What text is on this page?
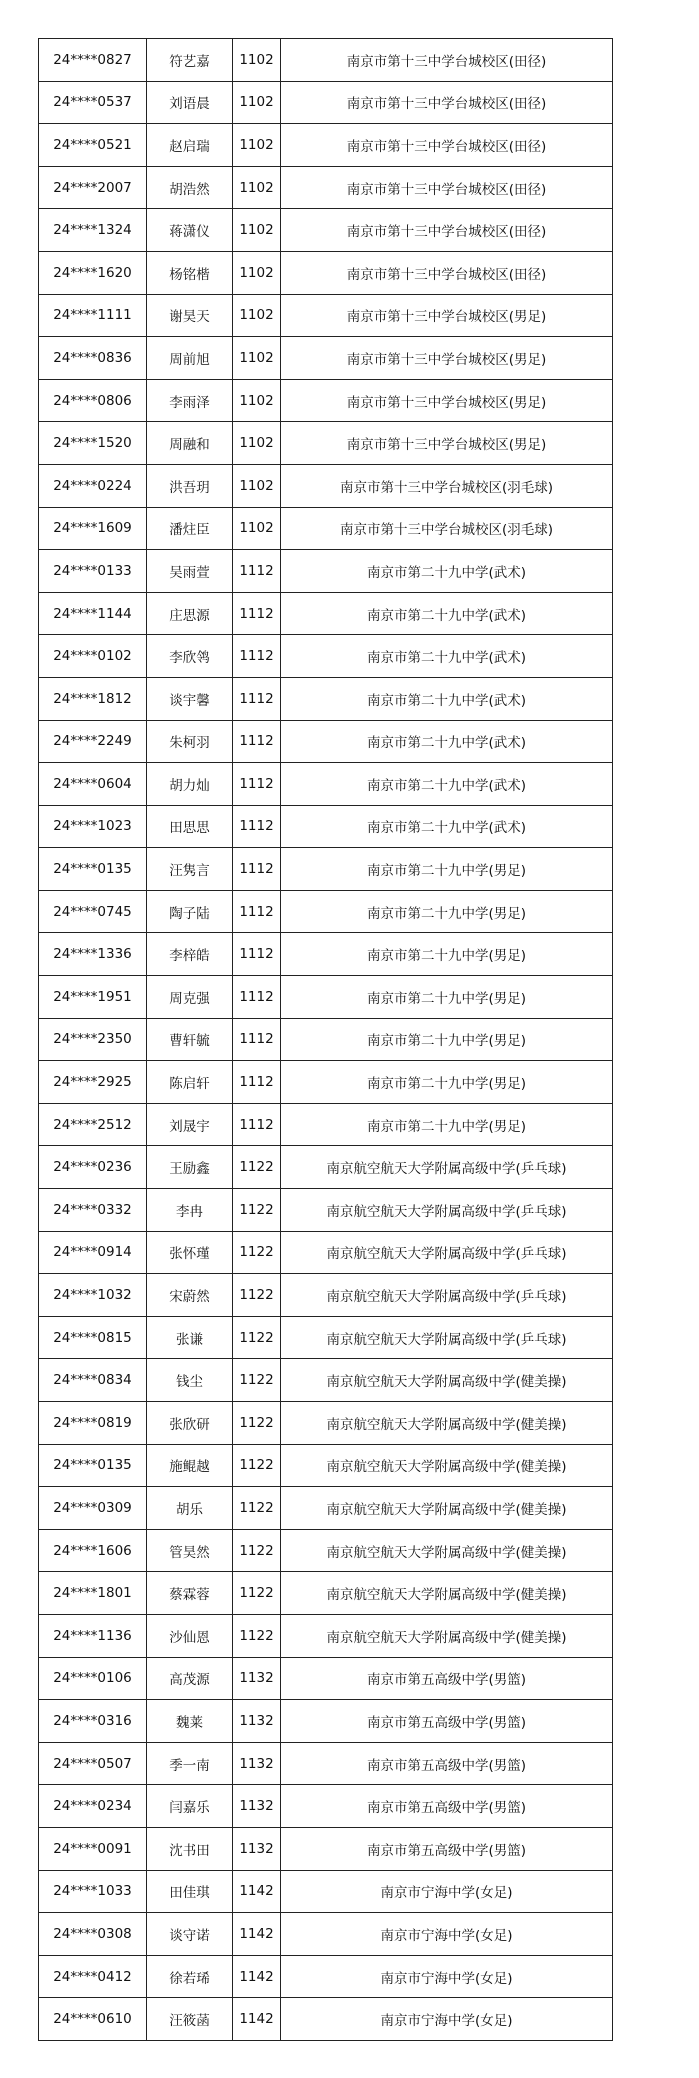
24****0827	符艺嘉	1102	南京市第十三中学台城校区(田径)
24****0537	刘语晨	1102	南京市第十三中学台城校区(田径)
24****0521	赵启瑞	1102	南京市第十三中学台城校区(田径)
24****2007	胡浩然	1102	南京市第十三中学台城校区(田径)
24****1324	蒋潇仪	1102	南京市第十三中学台城校区(田径)
24****1620	杨铭楷	1102	南京市第十三中学台城校区(田径)
24****1111	谢昊天	1102	南京市第十三中学台城校区(男足)
24****0836	周前旭	1102	南京市第十三中学台城校区(男足)
24****0806	李雨泽	1102	南京市第十三中学台城校区(男足)
24****1520	周融和	1102	南京市第十三中学台城校区(男足)
24****0224	洪吾玥	1102	南京市第十三中学台城校区(羽毛球)
24****1609	潘炷臣	1102	南京市第十三中学台城校区(羽毛球)
24****0133	吴雨萱	1112	南京市第二十九中学(武术)
24****1144	庄思源	1112	南京市第二十九中学(武术)
24****0102	李欣鸰	1112	南京市第二十九中学(武术)
24****1812	谈宇馨	1112	南京市第二十九中学(武术)
24****2249	朱柯羽	1112	南京市第二十九中学(武术)
24****0604	胡力灿	1112	南京市第二十九中学(武术)
24****1023	田思思	1112	南京市第二十九中学(武术)
24****0135	汪隽言	1112	南京市第二十九中学(男足)
24****0745	陶子陆	1112	南京市第二十九中学(男足)
24****1336	李梓皓	1112	南京市第二十九中学(男足)
24****1951	周克强	1112	南京市第二十九中学(男足)
24****2350	曹轩毓	1112	南京市第二十九中学(男足)
24****2925	陈启轩	1112	南京市第二十九中学(男足)
24****2512	刘晟宇	1112	南京市第二十九中学(男足)
24****0236	王励鑫	1122	南京航空航天大学附属高级中学(乒乓球)
24****0332	李冉	1122	南京航空航天大学附属高级中学(乒乓球)
24****0914	张怀瑾	1122	南京航空航天大学附属高级中学(乒乓球)
24****1032	宋蔚然	1122	南京航空航天大学附属高级中学(乒乓球)
24****0815	张谦	1122	南京航空航天大学附属高级中学(乒乓球)
24****0834	钱尘	1122	南京航空航天大学附属高级中学(健美操)
24****0819	张欣研	1122	南京航空航天大学附属高级中学(健美操)
24****0135	施鲲越	1122	南京航空航天大学附属高级中学(健美操)
24****0309	胡乐	1122	南京航空航天大学附属高级中学(健美操)
24****1606	管昊然	1122	南京航空航天大学附属高级中学(健美操)
24****1801	蔡霖蓉	1122	南京航空航天大学附属高级中学(健美操)
24****1136	沙仙恩	1122	南京航空航天大学附属高级中学(健美操)
24****0106	高茂源	1132	南京市第五高级中学(男篮)
24****0316	魏莱	1132	南京市第五高级中学(男篮)
24****0507	季一南	1132	南京市第五高级中学(男篮)
24****0234	闫嘉乐	1132	南京市第五高级中学(男篮)
24****0091	沈书田	1132	南京市第五高级中学(男篮)
24****1033	田佳琪	1142	南京市宁海中学(女足)
24****0308	谈守诺	1142	南京市宁海中学(女足)
24****0412	徐若琋	1142	南京市宁海中学(女足)
24****0610	汪筱菡	1142	南京市宁海中学(女足)
